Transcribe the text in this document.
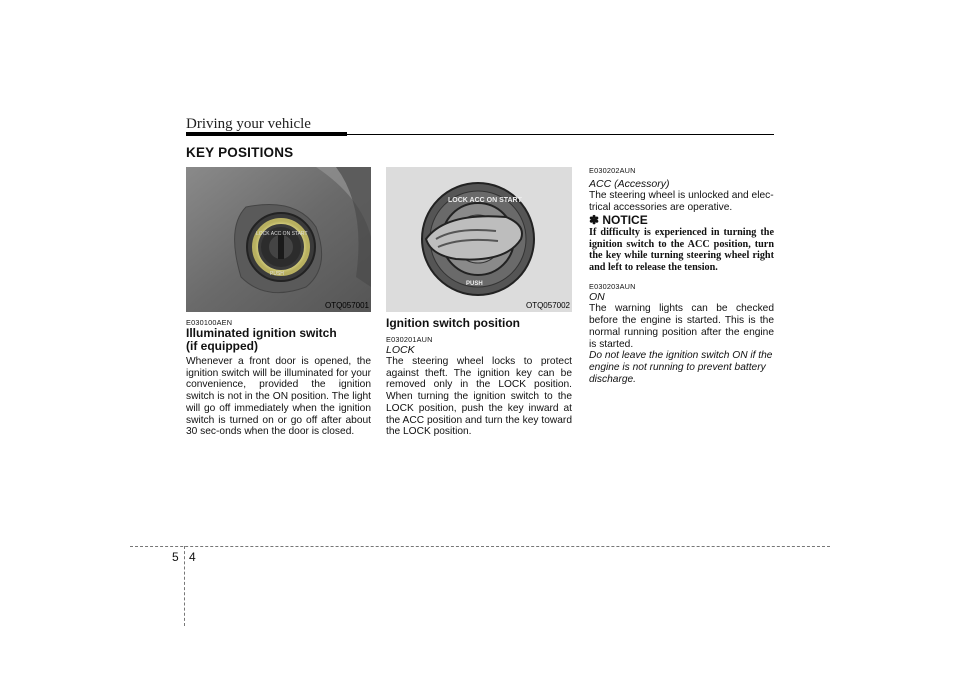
Driving your vehicle
KEY POSITIONS
LOCK ACC ON START
PUSH
OTQ057001
LOCK ACC ON START
PUSH
OTQ057002

E030100AEN

Illuminated ignition switch (if equipped)

Whenever a front door is opened, the ignition switch will be illuminated for your convenience, provided the ignition switch is not in the ON position. The light will go off immediately when the ignition switch is turned on or go off after about 30 sec-onds when the door is closed.

Ignition switch position

E030201AUN

LOCK

The steering wheel locks to protect against theft. The ignition key can be removed only in the LOCK position. When turning the ignition switch to the LOCK position, push the key inward at the ACC position and turn the key toward the LOCK position.

E030202AUN

ACC (Accessory)

The steering wheel is unlocked and elec-trical accessories are operative.

✽ NOTICE

If difficulty is experienced in turning the ignition switch to the ACC position, turn the key while turning steering wheel right and left to release the tension.

E030203AUN

ON

The warning lights can be checked before the engine is started. This is the normal running position after the engine is started.

Do not leave the ignition switch ON if the engine is not running to prevent battery discharge.

5 4
